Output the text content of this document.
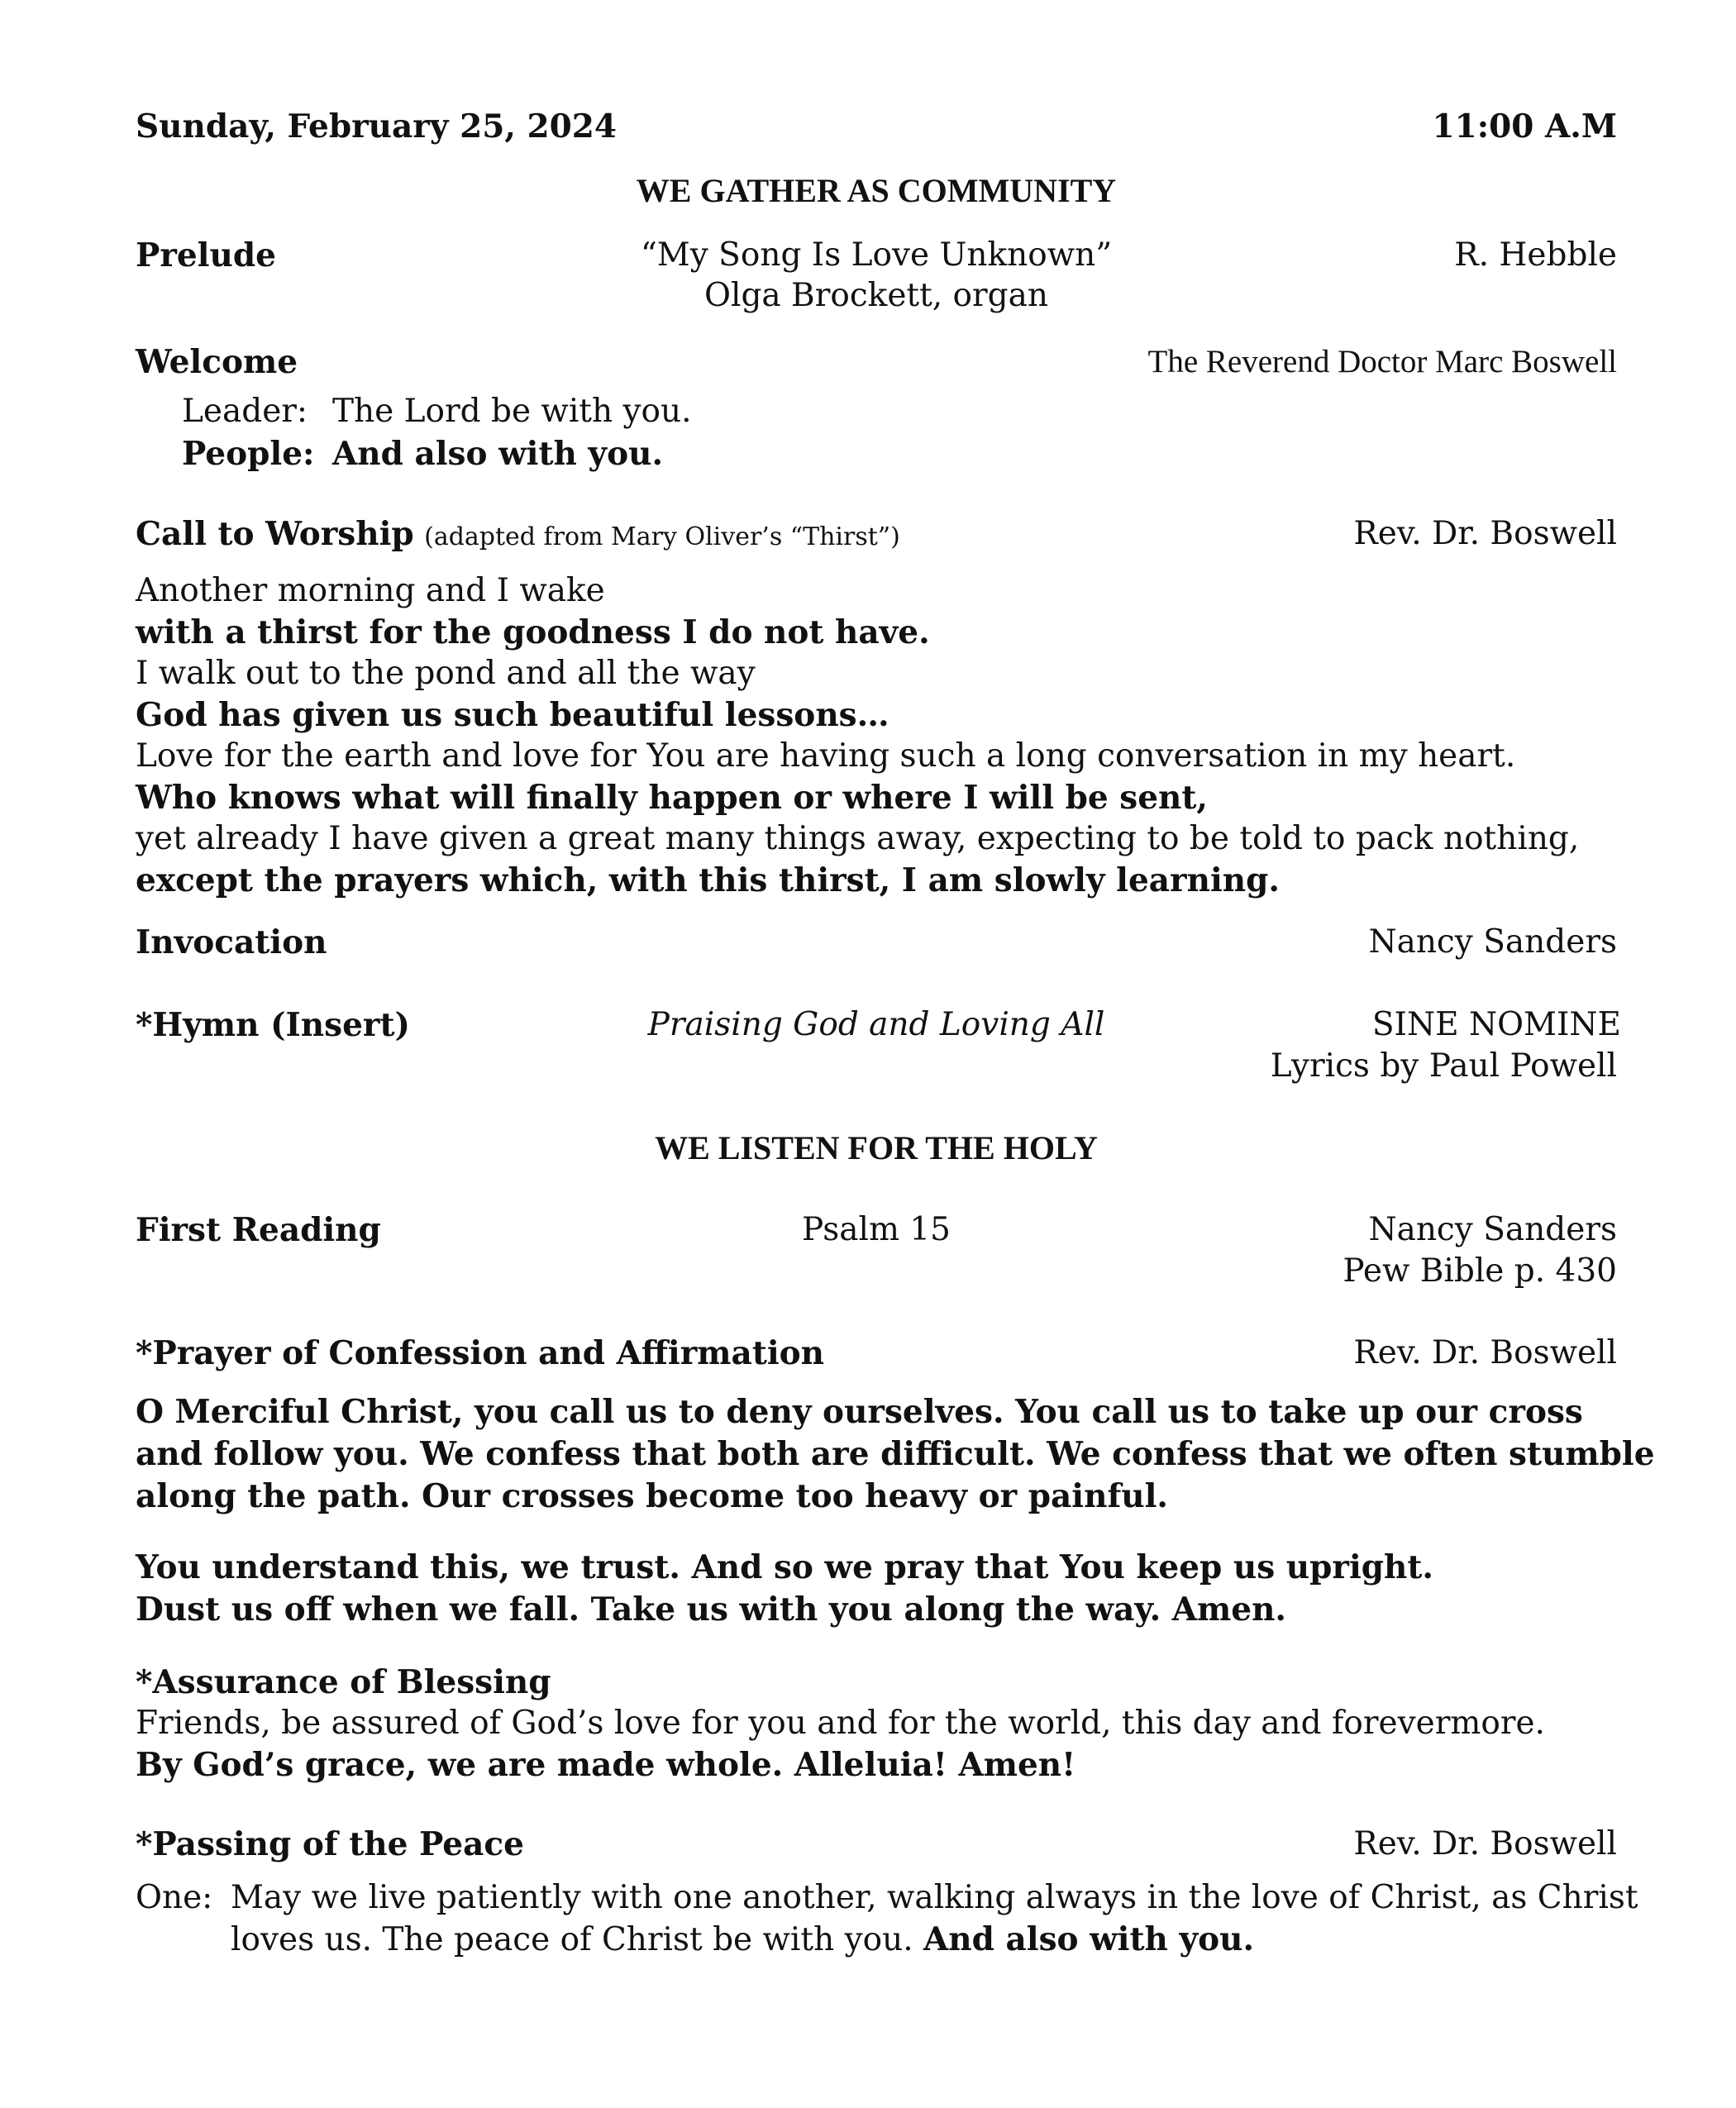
Sunday, February 25, 2024	11:00 A.M
WE GATHER AS COMMUNITY
Prelude	“My Song Is Love Unknown”	R. Hebble
Olga Brockett, organ
Welcome	The Reverend Doctor Marc Boswell
Leader: The Lord be with you.
People: And also with you.
Call to Worship (adapted from Mary Oliver’s “Thirst”)	Rev. Dr. Boswell
Another morning and I wake
with a thirst for the goodness I do not have.
I walk out to the pond and all the way
God has given us such beautiful lessons…
Love for the earth and love for You are having such a long conversation in my heart.
Who knows what will finally happen or where I will be sent,
yet already I have given a great many things away, expecting to be told to pack nothing,
except the prayers which, with this thirst, I am slowly learning.
Invocation	Nancy Sanders
*Hymn (Insert)	Praising God and Loving All	SINE NOMINE
Lyrics by Paul Powell
WE LISTEN FOR THE HOLY
First Reading	Psalm 15	Nancy Sanders
Pew Bible p. 430
*Prayer of Confession and Affirmation	Rev. Dr. Boswell
O Merciful Christ, you call us to deny ourselves. You call us to take up our cross
and follow you. We confess that both are difficult. We confess that we often stumble
along the path. Our crosses become too heavy or painful.
You understand this, we trust. And so we pray that You keep us upright.
Dust us off when we fall. Take us with you along the way. Amen.
*Assurance of Blessing
Friends, be assured of God’s love for you and for the world, this day and forevermore.
By God’s grace, we are made whole. Alleluia! Amen!
*Passing of the Peace	Rev. Dr. Boswell
One: May we live patiently with one another, walking always in the love of Christ, as Christ
loves us. The peace of Christ be with you. And also with you.
